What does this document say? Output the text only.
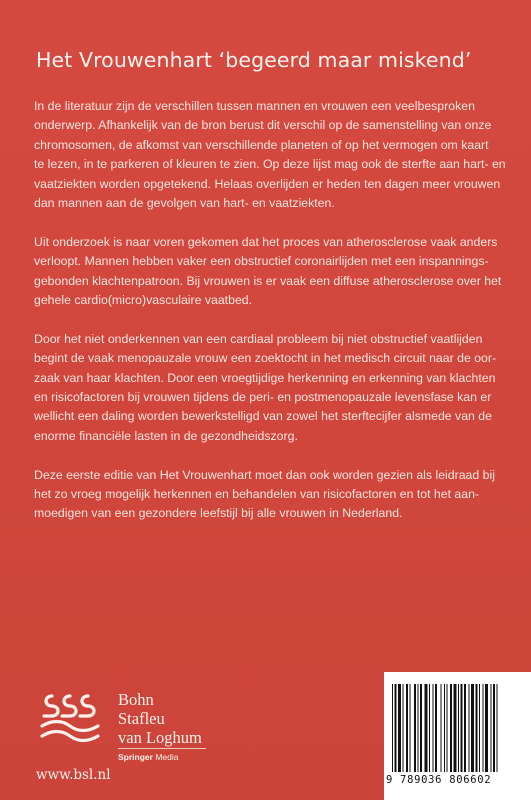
Het Vrouwenhart ‘begeerd maar miskend’

In de literatuur zijn de verschillen tussen mannen en vrouwen een veelbesproken
onderwerp. Afhankelijk van de bron berust dit verschil op de samenstelling van onze
chromosomen, de afkomst van verschillende planeten of op het vermogen om kaart
te lezen, in te parkeren of kleuren te zien. Op deze lijst mag ook de sterfte aan hart- en
vaatziekten worden opgetekend. Helaas overlijden er heden ten dagen meer vrouwen
dan mannen aan de gevolgen van hart- en vaatziekten.

Uit onderzoek is naar voren gekomen dat het proces van atherosclerose vaak anders
verloopt. Mannen hebben vaker een obstructief coronairlijden met een inspannings-
gebonden klachtenpatroon. Bij vrouwen is er vaak een diffuse atherosclerose over het
gehele cardio(micro)vasculaire vaatbed.

Door het niet onderkennen van een cardiaal probleem bij niet obstructief vaatlijden
begint de vaak menopauzale vrouw een zoektocht in het medisch circuit naar de oor-
zaak van haar klachten. Door een vroegtijdige herkenning en erkenning van klachten
en risicofactoren bij vrouwen tijdens de peri- en postmenopauzale levensfase kan er
wellicht een daling worden bewerkstelligd van zowel het sterftecijfer alsmede van de
enorme financiële lasten in de gezondheidszorg.

Deze eerste editie van Het Vrouwenhart moet dan ook worden gezien als leidraad bij
het zo vroeg mogelijk herkennen en behandelen van risicofactoren en tot het aan-
moedigen van een gezondere leefstijl bij alle vrouwen in Nederland.

Bohn
Stafleu
van Loghum
Springer Media
www.bsl.nl	9 789036 806602
